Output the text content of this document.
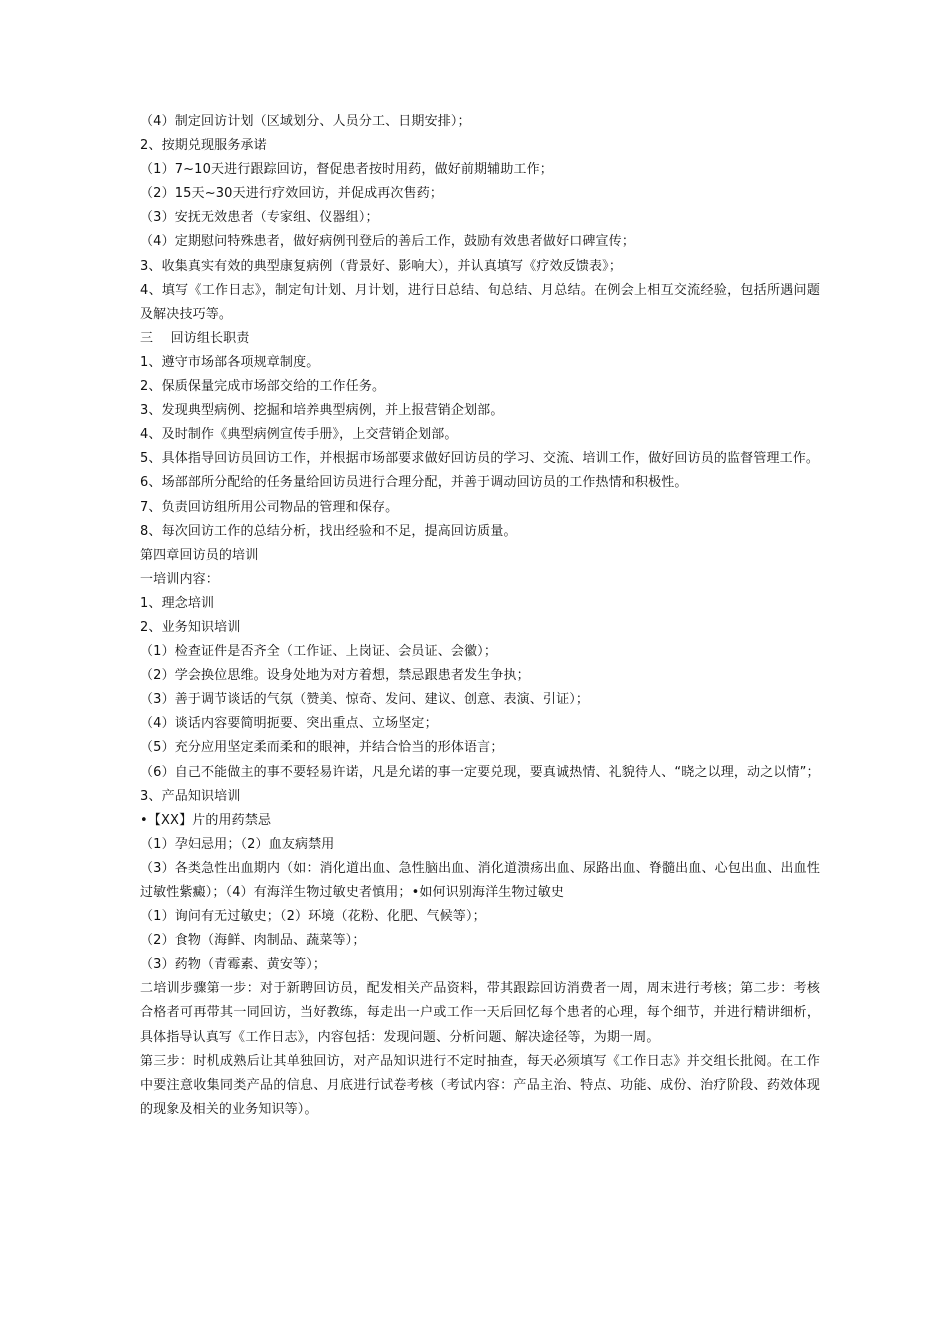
（4）制定回访计划（区域划分、人员分工、日期安排）；
2、按期兑现服务承诺
（1）7~10天进行跟踪回访，督促患者按时用药，做好前期辅助工作；
（2）15天~30天进行疗效回访，并促成再次售药；
（3）安抚无效患者（专家组、仪器组）；
（4）定期慰问特殊患者，做好病例刊登后的善后工作，鼓励有效患者做好口碑宣传；
3、收集真实有效的典型康复病例（背景好、影响大），并认真填写《疗效反馈表》；
4、填写《工作日志》，制定旬计划、月计划，进行日总结、旬总结、月总结。在例会上相互交流经验，包括所遇问题及解决技巧等。
三　 回访组长职责
1、遵守市场部各项规章制度。
2、保质保量完成市场部交给的工作任务。
3、发现典型病例、挖掘和培养典型病例，并上报营销企划部。
4、及时制作《典型病例宣传手册》，上交营销企划部。
5、具体指导回访员回访工作，并根据市场部要求做好回访员的学习、交流、培训工作，做好回访员的监督管理工作。
6、场部部所分配给的任务量给回访员进行合理分配，并善于调动回访员的工作热情和积极性。
7、负责回访组所用公司物品的管理和保存。
8、每次回访工作的总结分析，找出经验和不足，提高回访质量。
第四章回访员的培训
一培训内容：
1、理念培训
2、业务知识培训
（1）检查证件是否齐全（工作证、上岗证、会员证、会徽）；
（2）学会换位思维。设身处地为对方着想，禁忌跟患者发生争执；
（3）善于调节谈话的气氛（赞美、惊奇、发问、建议、创意、表演、引证）；
（4）谈话内容要简明扼要、突出重点、立场坚定；
（5）充分应用坚定柔而柔和的眼神，并结合恰当的形体语言；
（6）自己不能做主的事不要轻易许诺，凡是允诺的事一定要兑现，要真诚热情、礼貌待人、“晓之以理，动之以情”；
3、产品知识培训
•【XX】片的用药禁忌
（1）孕妇忌用；（2）血友病禁用
（3）各类急性出血期内（如：消化道出血、急性脑出血、消化道溃疡出血、尿路出血、脊髓出血、心包出血、出血性过敏性紫癜）；（4）有海洋生物过敏史者慎用；•如何识别海洋生物过敏史
（1）询问有无过敏史；（2）环境（花粉、化肥、气候等）；
（2）食物（海鲜、肉制品、蔬菜等）；
（3）药物（青霉素、黄安等）；
二培训步骤第一步：对于新聘回访员，配发相关产品资料，带其跟踪回访消费者一周，周末进行考核；第二步：考核合格者可再带其一同回访，当好教练，每走出一户或工作一天后回忆每个患者的心理，每个细节，并进行精讲细析，具体指导认真写《工作日志》，内容包括：发现问题、分析问题、解决途径等，为期一周。
第三步：时机成熟后让其单独回访，对产品知识进行不定时抽查，每天必须填写《工作日志》并交组长批阅。在工作中要注意收集同类产品的信息、月底进行试卷考核（考试内容：产品主治、特点、功能、成份、治疗阶段、药效体现的现象及相关的业务知识等）。
